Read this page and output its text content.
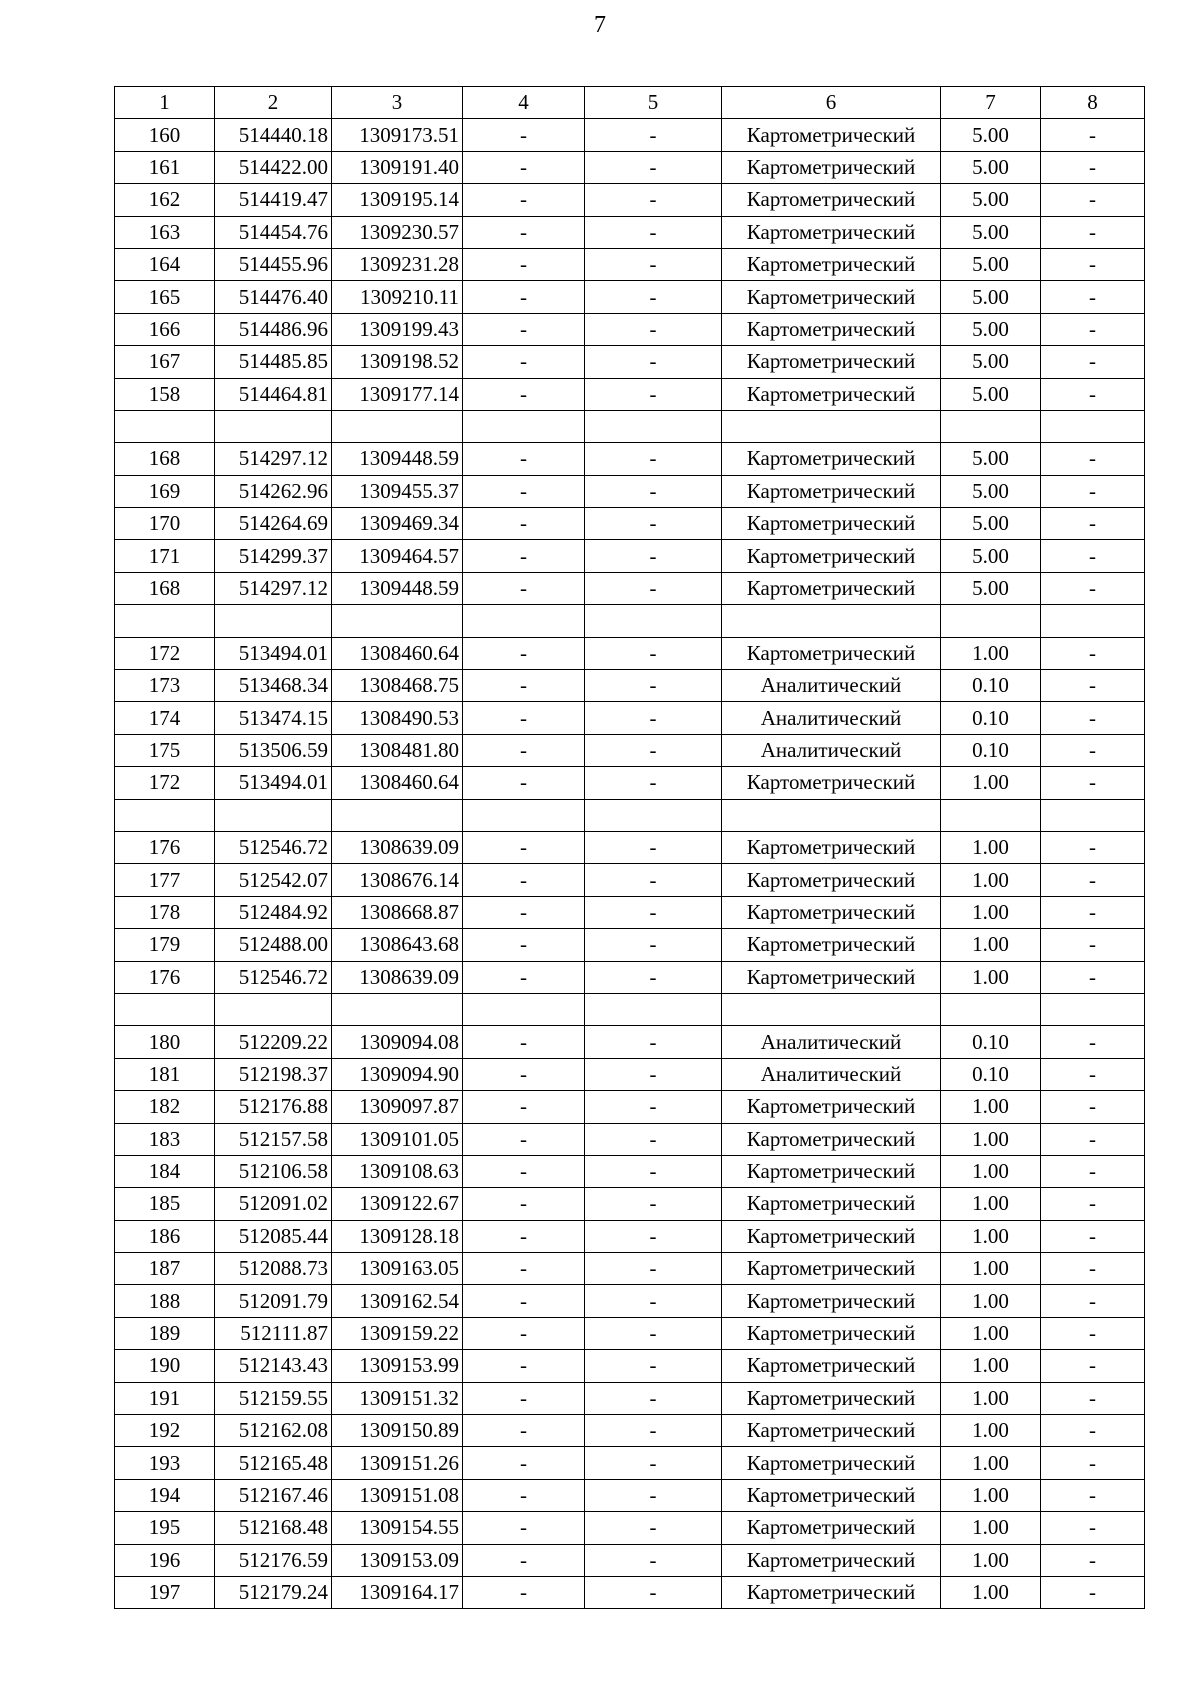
7
1	2	3	4	5	6	7	8
160	514440.18	1309173.51	-	-	Картометрический	5.00	-
161	514422.00	1309191.40	-	-	Картометрический	5.00	-
162	514419.47	1309195.14	-	-	Картометрический	5.00	-
163	514454.76	1309230.57	-	-	Картометрический	5.00	-
164	514455.96	1309231.28	-	-	Картометрический	5.00	-
165	514476.40	1309210.11	-	-	Картометрический	5.00	-
166	514486.96	1309199.43	-	-	Картометрический	5.00	-
167	514485.85	1309198.52	-	-	Картометрический	5.00	-
158	514464.81	1309177.14	-	-	Картометрический	5.00	-

168	514297.12	1309448.59	-	-	Картометрический	5.00	-
169	514262.96	1309455.37	-	-	Картометрический	5.00	-
170	514264.69	1309469.34	-	-	Картометрический	5.00	-
171	514299.37	1309464.57	-	-	Картометрический	5.00	-
168	514297.12	1309448.59	-	-	Картометрический	5.00	-

172	513494.01	1308460.64	-	-	Картометрический	1.00	-
173	513468.34	1308468.75	-	-	Аналитический	0.10	-
174	513474.15	1308490.53	-	-	Аналитический	0.10	-
175	513506.59	1308481.80	-	-	Аналитический	0.10	-
172	513494.01	1308460.64	-	-	Картометрический	1.00	-

176	512546.72	1308639.09	-	-	Картометрический	1.00	-
177	512542.07	1308676.14	-	-	Картометрический	1.00	-
178	512484.92	1308668.87	-	-	Картометрический	1.00	-
179	512488.00	1308643.68	-	-	Картометрический	1.00	-
176	512546.72	1308639.09	-	-	Картометрический	1.00	-

180	512209.22	1309094.08	-	-	Аналитический	0.10	-
181	512198.37	1309094.90	-	-	Аналитический	0.10	-
182	512176.88	1309097.87	-	-	Картометрический	1.00	-
183	512157.58	1309101.05	-	-	Картометрический	1.00	-
184	512106.58	1309108.63	-	-	Картометрический	1.00	-
185	512091.02	1309122.67	-	-	Картометрический	1.00	-
186	512085.44	1309128.18	-	-	Картометрический	1.00	-
187	512088.73	1309163.05	-	-	Картометрический	1.00	-
188	512091.79	1309162.54	-	-	Картометрический	1.00	-
189	512111.87	1309159.22	-	-	Картометрический	1.00	-
190	512143.43	1309153.99	-	-	Картометрический	1.00	-
191	512159.55	1309151.32	-	-	Картометрический	1.00	-
192	512162.08	1309150.89	-	-	Картометрический	1.00	-
193	512165.48	1309151.26	-	-	Картометрический	1.00	-
194	512167.46	1309151.08	-	-	Картометрический	1.00	-
195	512168.48	1309154.55	-	-	Картометрический	1.00	-
196	512176.59	1309153.09	-	-	Картометрический	1.00	-
197	512179.24	1309164.17	-	-	Картометрический	1.00	-
